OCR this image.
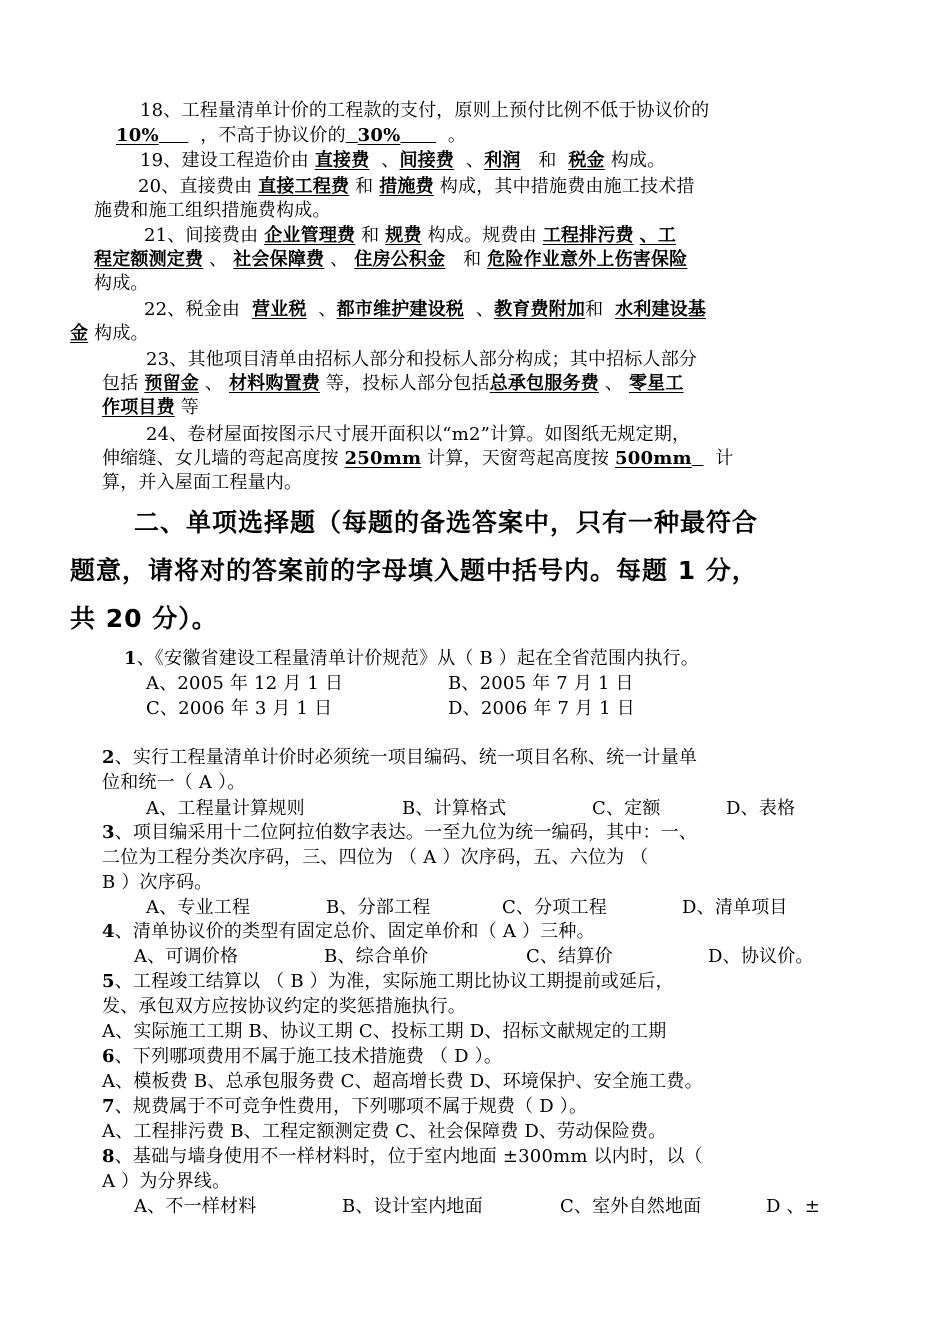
18、工程量清单计价的工程款的支付，原则上预付比例不低于协议价的
10% ，不高于协议价的 30%	。
19、建设工程造价由 直接费 、间接费 、利润 和 税金 构成。
20、直接费由 直接工程费 和 措施费 构成，其中措施费由施工技术措
施费和施工组织措施费构成。
21、间接费由 企业管理费 和 规费 构成。规费由 工程排污费 、工
程定额测定费 、 社会保障费 、 住房公积金 和 危险作业意外上伤害保险
构成。
22、税金由 营业税 、都市维护建设税 、教育费附加和 水利建设基
金 构成。
23、其他项目清单由招标人部分和投标人部分构成；其中招标人部分
包括 预留金 、 材料购置费 等，投标人部分包括总承包服务费 、 零星工
作项目费 等
24、卷材屋面按图示尺寸展开面积以“m2”计算。如图纸无规定期，
伸缩缝、女儿墙的弯起高度按 250mm 计算，天窗弯起高度按 500mm 计
算，并入屋面工程量内。
二、单项选择题（每题的备选答案中，只有一种最符合
题意，请将对的答案前的字母填入题中括号内。每题 1 分，
共 20 分）。
1、《安徽省建设工程量清单计价规范》从（ B ）起在全省范围内执行。
A、2005 年 12 月 1 日	B、2005 年 7 月 1 日
C、2006 年 3 月 1 日	D、2006 年 7 月 1 日
2、实行工程量清单计价时必须统一项目编码、统一项目名称、统一计量单
位和统一（ A ）。
A、工程量计算规则	B、计算格式	C、定额	D、表格
3、项目编采用十二位阿拉伯数字表达。一至九位为统一编码，其中：一、
二位为工程分类次序码，三、四位为 （ A ）次序码，五、六位为 （
B ）次序码。
A、专业工程	B、分部工程	C、分项工程	D、清单项目
4、清单协议价的类型有固定总价、固定单价和（ A ）三种。
A、可调价格	B、综合单价	C、结算价	D、协议价。
5、工程竣工结算以 （ B ）为准，实际施工期比协议工期提前或延后，
发、承包双方应按协议约定的奖惩措施执行。
A、实际施工工期 B、协议工期 C、投标工期 D、招标文献规定的工期
6、下列哪项费用不属于施工技术措施费 （ D ）。
A、模板费 B、总承包服务费 C、超高增长费 D、环境保护、安全施工费。
7、规费属于不可竞争性费用，下列哪项不属于规费（ D ）。
A、工程排污费 B、工程定额测定费 C、社会保障费 D、劳动保险费。
8、基础与墙身使用不一样材料时，位于室内地面 ±300mm 以内时，以（
A ）为分界线。
A、不一样材料	B、设计室内地面	C、室外自然地面	D 、±
